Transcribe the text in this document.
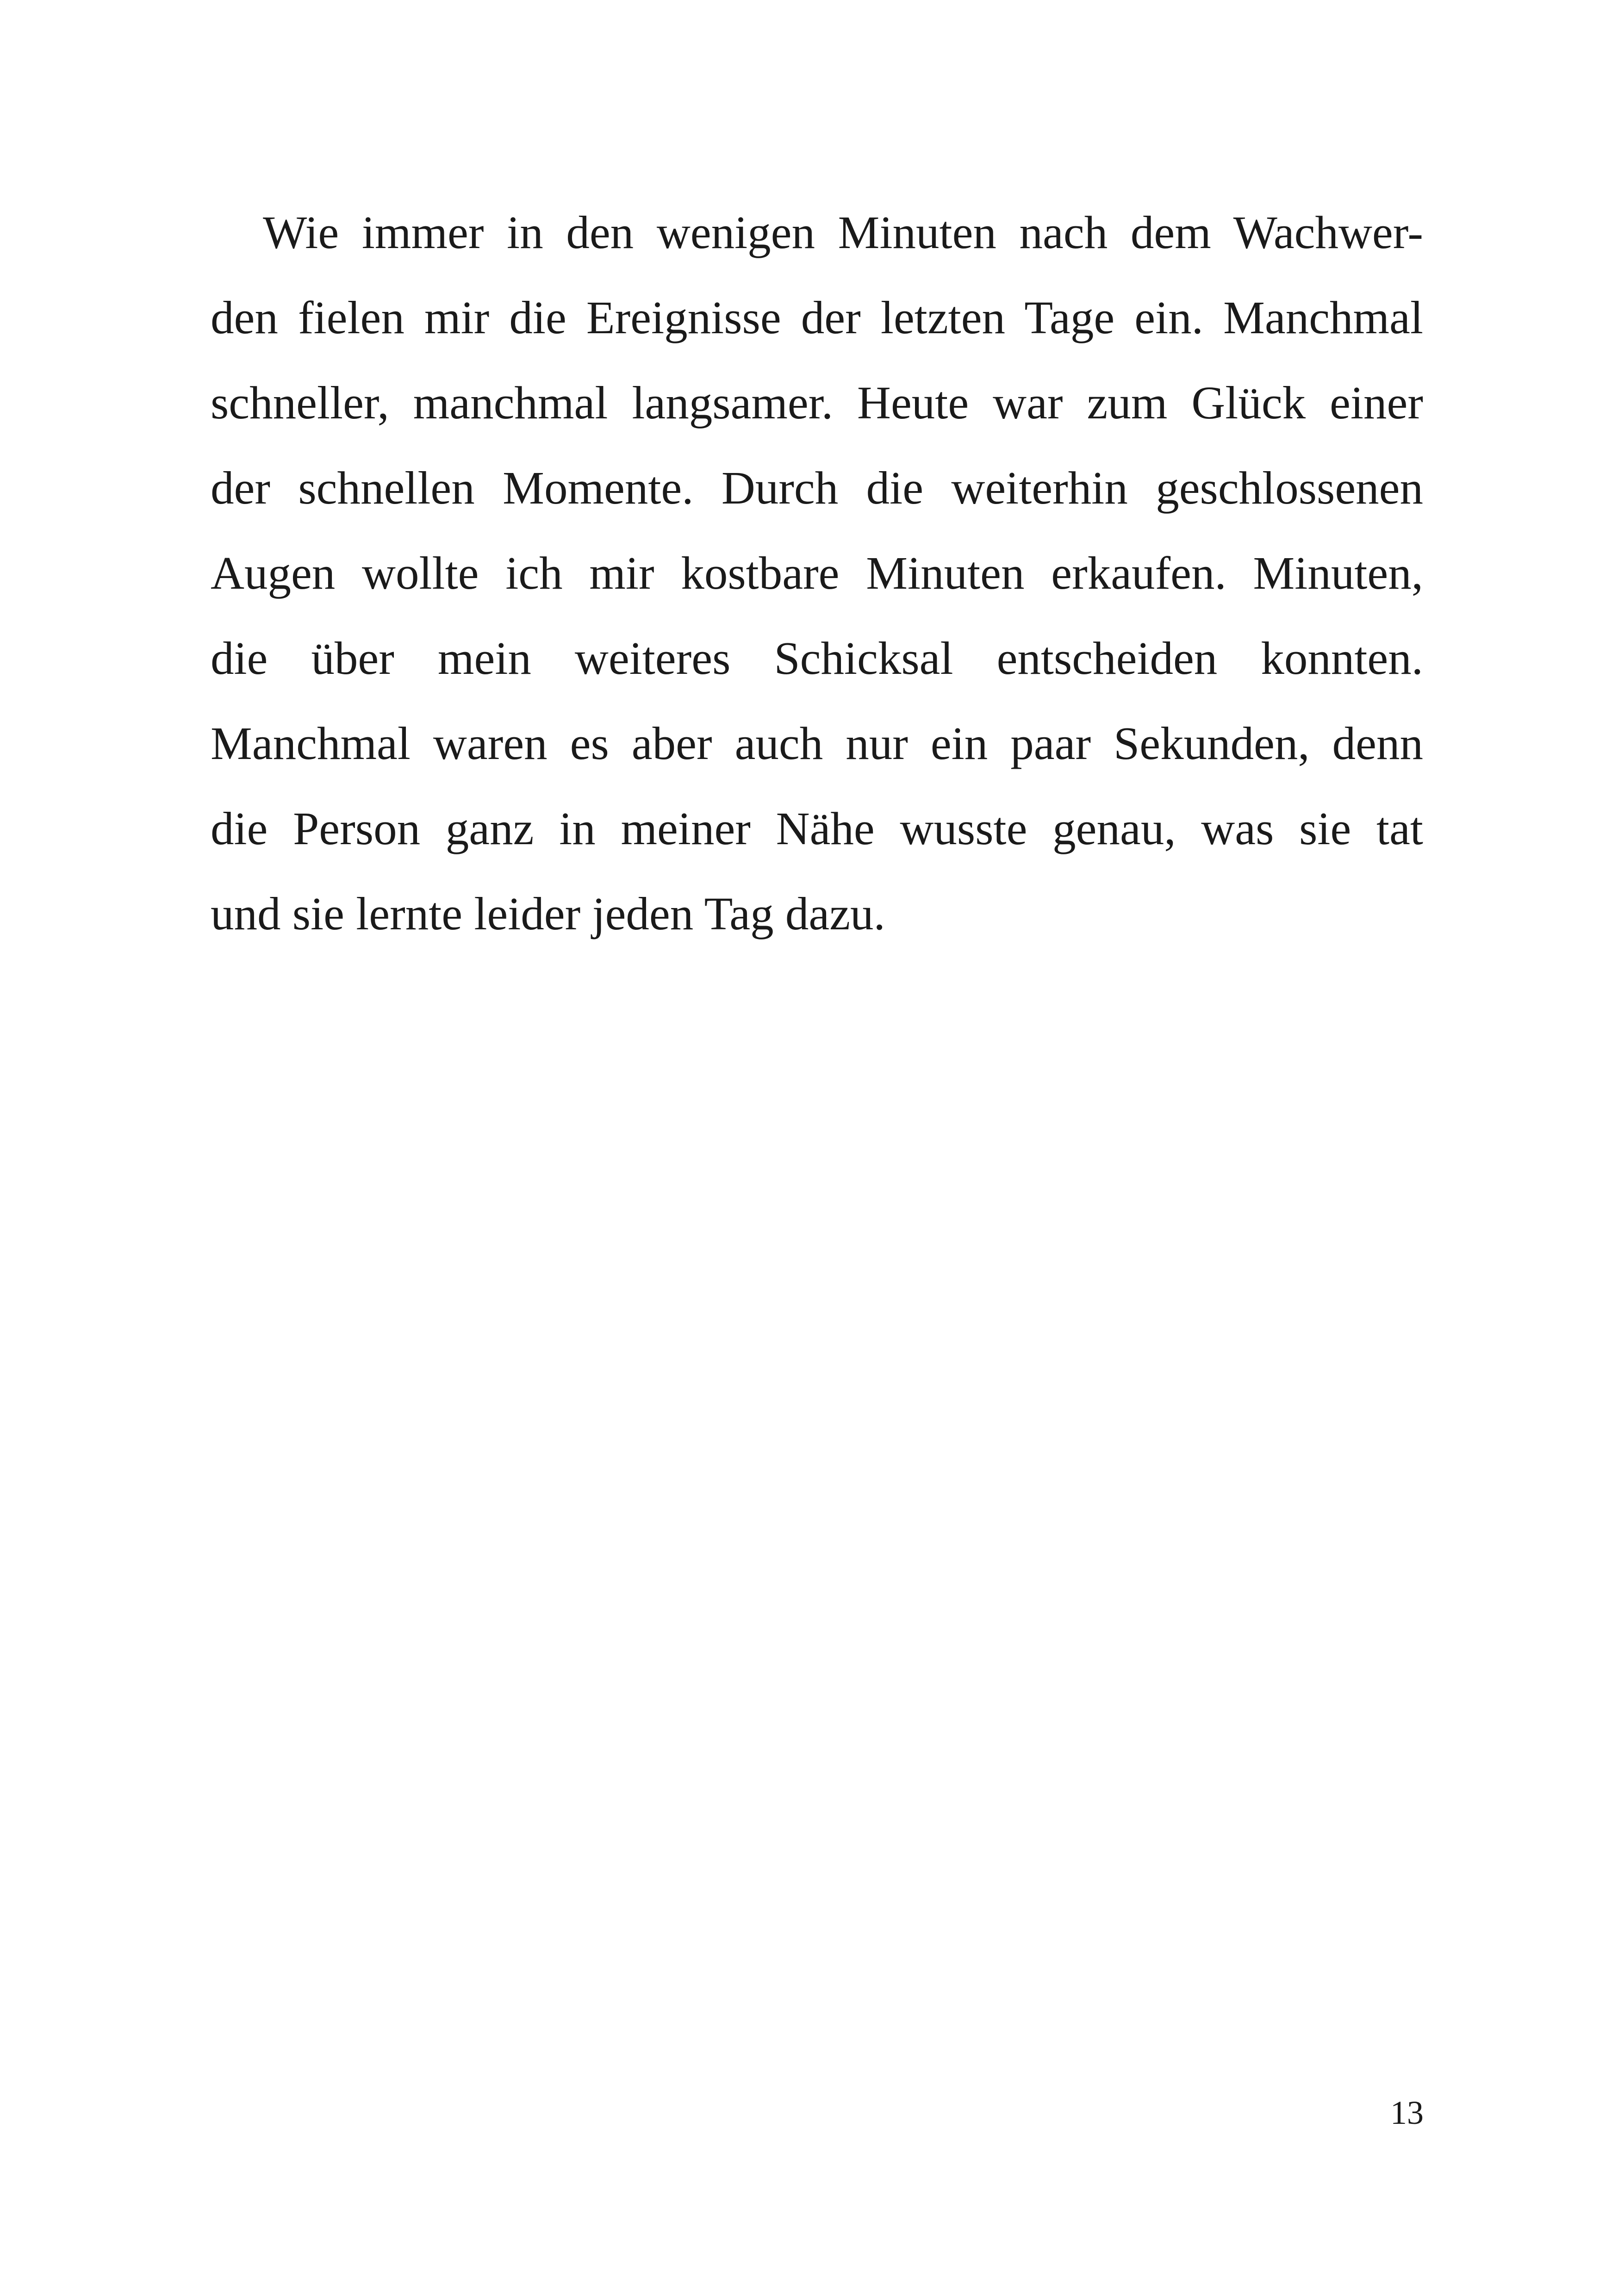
Wie immer in den wenigen Minuten nach dem Wachwer-
den fielen mir die Ereignisse der letzten Tage ein. Manchmal
schneller, manchmal langsamer. Heute war zum Glück einer
der schnellen Momente. Durch die weiterhin geschlossenen
Augen wollte ich mir kostbare Minuten erkaufen. Minuten,
die über mein weiteres Schicksal entscheiden konnten.
Manchmal waren es aber auch nur ein paar Sekunden, denn
die Person ganz in meiner Nähe wusste genau, was sie tat
und sie lernte leider jeden Tag dazu.
13
